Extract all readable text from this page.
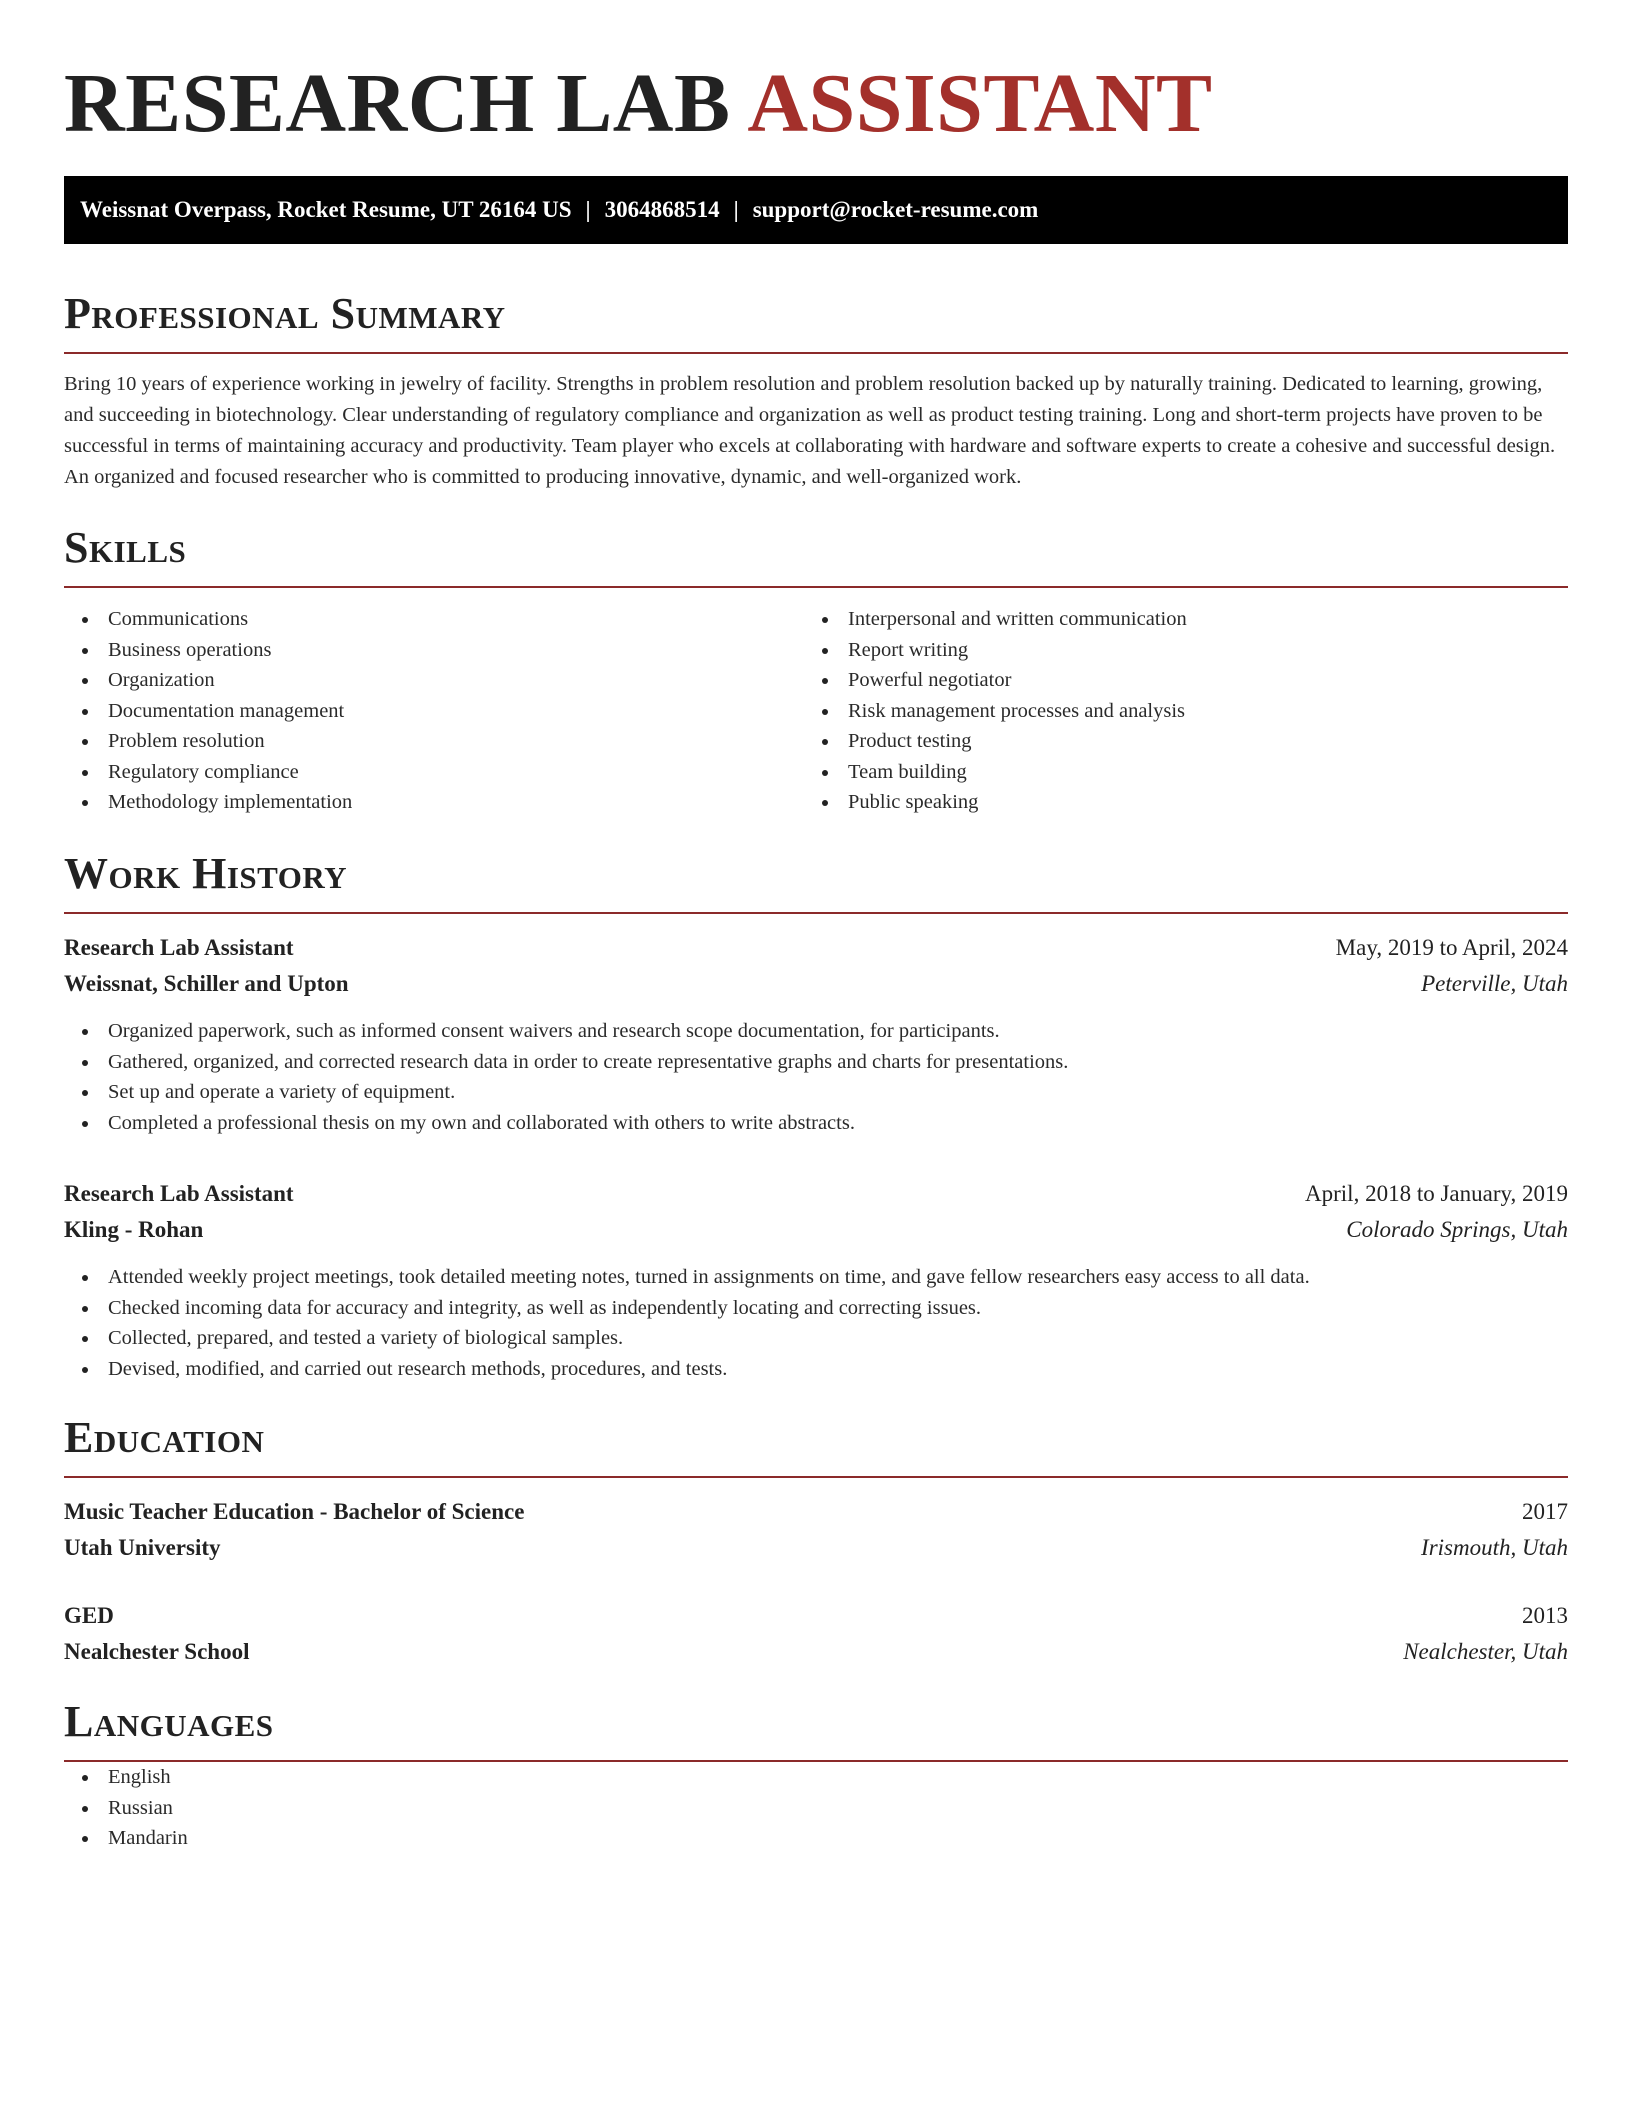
RESEARCH LAB ASSISTANT
Weissnat Overpass, Rocket Resume, UT 26164 US | 3064868514 | support@rocket-resume.com
Professional Summary

Bring 10 years of experience working in jewelry of facility. Strengths in problem resolution and problem resolution backed up by naturally training. Dedicated to learning, growing, and succeeding in biotechnology. Clear understanding of regulatory compliance and organization as well as product testing training. Long and short-term projects have proven to be successful in terms of maintaining accuracy and productivity. Team player who excels at collaborating with hardware and software experts to create a cohesive and successful design. An organized and focused researcher who is committed to producing innovative, dynamic, and well-organized work.

Skills
Communications
Business operations
Organization
Documentation management
Problem resolution
Regulatory compliance
Methodology implementation
Interpersonal and written communication
Report writing
Powerful negotiator
Risk management processes and analysis
Product testing
Team building
Public speaking
Work History
Research Lab Assistant	May, 2019 to April, 2024
Weissnat, Schiller and Upton	Peterville, Utah
Organized paperwork, such as informed consent waivers and research scope documentation, for participants.
Gathered, organized, and corrected research data in order to create representative graphs and charts for presentations.
Set up and operate a variety of equipment.
Completed a professional thesis on my own and collaborated with others to write abstracts.
Research Lab Assistant	April, 2018 to January, 2019
Kling - Rohan	Colorado Springs, Utah
Attended weekly project meetings, took detailed meeting notes, turned in assignments on time, and gave fellow researchers easy access to all data.
Checked incoming data for accuracy and integrity, as well as independently locating and correcting issues.
Collected, prepared, and tested a variety of biological samples.
Devised, modified, and carried out research methods, procedures, and tests.
Education
Music Teacher Education - Bachelor of Science	2017
Utah University	Irismouth, Utah
GED	2013
Nealchester School	Nealchester, Utah
Languages
English
Russian
Mandarin
